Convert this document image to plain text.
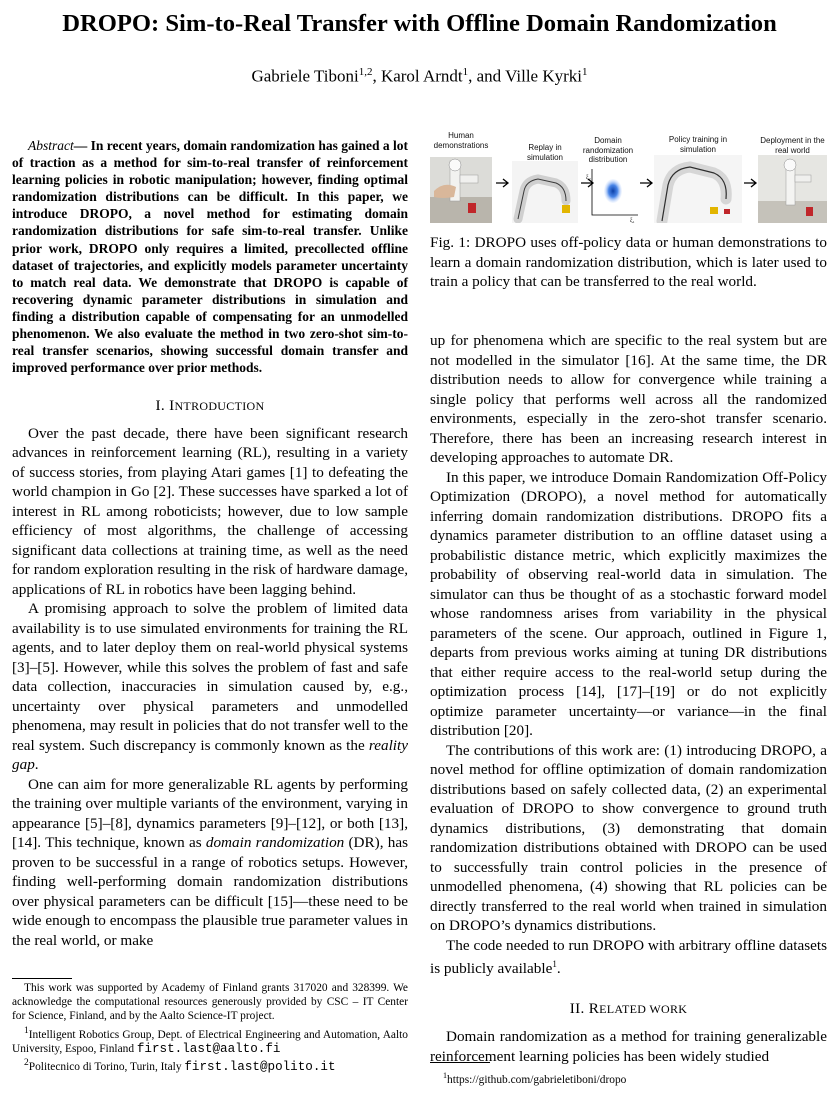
DROPO: Sim-to-Real Transfer with Offline Domain Randomization
Gabriele Tiboni$^{1,2}$, Karol Arndt$^1$, and Ville Kyrki$^1$
Abstract— In recent years, domain randomization has gained a lot of traction as a method for sim-to-real transfer of reinforcement learning policies in robotic manipulation; however, finding optimal randomization distributions can be difficult. In this paper, we introduce DROPO, a novel method for estimating domain randomization distributions for safe sim-to-real transfer. Unlike prior work, DROPO only requires a limited, precollected offline dataset of trajectories, and explicitly models parameter uncertainty to match real data. We demonstrate that DROPO is capable of recovering dynamic parameter distributions in simulation and finding a distribution capable of compensating for an unmodelled phenomenon. We also evaluate the method in two zero-shot sim-to-real transfer scenarios, showing successful domain transfer and improved performance over prior methods.

I. INTRODUCTION

Over the past decade, there have been significant research advances in reinforcement learning (RL), resulting in a variety of success stories, from playing Atari games [1] to defeating the world champion in Go [2]. These successes have sparked a lot of interest in RL among roboticists; however, due to low sample efficiency of most algorithms, the challenge of accessing significant data collections at training time, as well as the need for random exploration resulting in the risk of hardware damage, applications of RL in robotics have been lagging behind.

A promising approach to solve the problem of limited data availability is to use simulated environments for training the RL agents, and to later deploy them on real-world physical systems [3]–[5]. However, while this solves the problem of fast and safe data collection, inaccuracies in simulation caused by, e.g., uncertainty over physical parameters and unmodelled phenomena, may result in policies that do not transfer well to the real system. Such discrepancy is commonly known as the reality gap.

One can aim for more generalizable RL agents by performing the training over multiple variants of the environment, varying in appearance [5]–[8], dynamics parameters [9]–[12], or both [13], [14]. This technique, known as domain randomization (DR), has proven to be successful in a range of robotics setups. However, finding well-performing domain randomization distributions over physical parameters can be difficult [15]—these need to be wide enough to encompass the plausible true parameter values in the real world, or make

This work was supported by Academy of Finland grants 317020 and 328399. We acknowledge the computational resources generously provided by CSC – IT Center for Science, Finland, and by the Aalto Science-IT project.

$^1$Intelligent Robotics Group, Dept. of Electrical Engineering and Automation, Aalto University, Espoo, Finland first.last@aalto.fi

$^2$Politecnico di Torino, Turin, Italy first.last@polito.it

Human demonstrations	Replay in simulation
Domain randomization distribution
ξ₂
ξ₁
Policy training in simulation
Deployment in the real world
Fig. 1: DROPO uses off-policy data or human demonstrations to learn a domain randomization distribution, which is later used to train a policy that can be transferred to the real world.

up for phenomena which are specific to the real system but are not modelled in the simulator [16]. At the same time, the DR distribution needs to allow for convergence while training a single policy that performs well across all the randomized environments, especially in the zero-shot transfer scenario. Therefore, there has been an increasing research interest in developing approaches to automate DR.

In this paper, we introduce Domain Randomization Off-Policy Optimization (DROPO), a novel method for automatically inferring domain randomization distributions. DROPO fits a dynamics parameter distribution to an offline dataset using a probabilistic distance metric, which explicitly maximizes the probability of observing real-world data in simulation. The simulator can thus be thought of as a stochastic forward model whose randomness arises from variability in the physical parameters of the scene. Our approach, outlined in Figure 1, departs from previous works aiming at tuning DR distributions that either require access to the real-world setup during the optimization process [14], [17]–[19] or do not explicitly optimize parameter uncertainty—or variance—in the final distribution [20].

The contributions of this work are: (1) introducing DROPO, a novel method for offline optimization of domain randomization distributions based on safely collected data, (2) an experimental evaluation of DROPO to show convergence to ground truth dynamics distributions, (3) demonstrating that domain randomization distributions obtained with DROPO can be used to successfully train control policies in the presence of unmodelled phenomena, (4) showing that RL policies can be directly transferred to the real world when trained in simulation on DROPO’s dynamics distributions.

The code needed to run DROPO with arbitrary offline datasets is publicly available$^1$.

II. RELATED WORK

Domain randomization as a method for training generalizable reinforcement learning policies has been widely studied

$^1$https://github.com/gabrieletiboni/dropo
